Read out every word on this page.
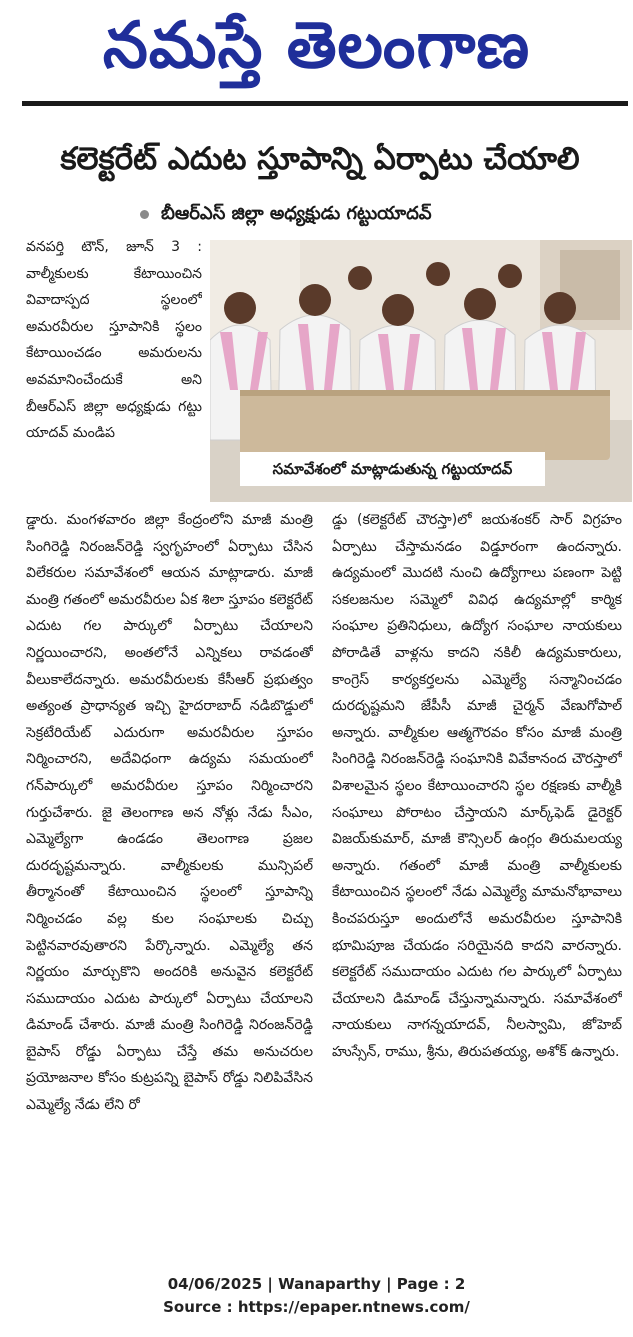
నమస్తే తెలంగాణ
కలెక్టరేట్ ఎదుట స్తూపాన్ని ఏర్పాటు చేయాలి
బీఆర్ఎస్ జిల్లా అధ్యక్షుడు గట్టుయాదవ్
వనపర్తి టౌన్, జూన్ 3 : వాల్మీకులకు కేటాయించిన వివాదాస్పద స్థలంలో అమరవీరుల స్తూపానికి స్థలం కేటాయించడం అమరులను అవమానించేందుకే అని బీఆర్ఎస్ జిల్లా అధ్యక్షుడు గట్టు యాదవ్ మండిప
సమావేశంలో మాట్లాడుతున్న గట్టుయాదవ్
డ్డారు. మంగళవారం జిల్లా కేంద్రంలోని మాజీ మంత్రి సింగిరెడ్డి నిరంజన్‌రెడ్డి స్వగృహంలో ఏర్పాటు చేసిన విలేకరుల సమావేశంలో ఆయన మాట్లాడారు. మాజీ మంత్రి గతంలో అమరవీరుల ఏక శిలా స్తూపం కలెక్టరేట్ ఎదుట గల పార్కులో ఏర్పాటు చేయాలని నిర్ణయించారని, అంతలోనే ఎన్నికలు రావడంతో వీలుకాలేదన్నారు. అమరవీరులకు కేసీఆర్ ప్రభుత్వం అత్యంత ప్రాధాన్యత ఇచ్చి హైదరాబాద్ నడిబొడ్డులో సెక్రటేరియేట్ ఎదురుగా అమరవీరుల స్తూపం నిర్మించారని, అదేవిధంగా ఉద్యమ సమయంలో గన్‌పార్కులో అమరవీరుల స్తూపం నిర్మించారని గుర్తుచేశారు. జై తెలంగాణ అన నోళ్లు నేడు సీఎం, ఎమ్మెల్యేగా ఉండడం తెలంగాణ ప్రజల దురదృష్టమన్నారు. వాల్మీకులకు మున్సిపల్ తీర్మానంతో కేటాయించిన స్థలంలో స్తూపాన్ని నిర్మించడం వల్ల కుల సంఘాలకు చిచ్చు పెట్టినవారవుతారని పేర్కొన్నారు. ఎమ్మెల్యే తన నిర్ణయం మార్చుకొని అందరికి అనువైన కలెక్టరేట్ సముదాయం ఎదుట పార్కులో ఏర్పాటు చేయాలని డిమాండ్ చేశారు. మాజీ మంత్రి సింగిరెడ్డి నిరంజన్‌రెడ్డి బైపాస్ రోడ్డు ఏర్పాటు చేస్తే తమ అనుచరుల ప్రయోజనాల కోసం కుట్రపన్ని బైపాస్ రోడ్డు నిలిపివేసిన ఎమ్మెల్యే నేడు లేని రో
డ్డు (కలెక్టరేట్ చౌరస్తా)లో జయశంకర్ సార్ విగ్రహం ఏర్పాటు చేస్తామనడం విడ్డూరంగా ఉందన్నారు. ఉద్యమంలో మొదటి నుంచి ఉద్యోగాలు పణంగా పెట్టి సకలజనుల సమ్మెలో వివిధ ఉద్యమాల్లో కార్మిక సంఘాల ప్రతినిధులు, ఉద్యోగ సంఘాల నాయకులు పోరాడితే వాళ్లను కాదని నకిలీ ఉద్యమకారులు, కాంగ్రెస్ కార్యకర్తలను ఎమ్మెల్యే సన్మానించడం దురదృష్టమని జేపీసీ మాజీ చైర్మన్ వేణుగోపాల్ అన్నారు. వాల్మీకుల ఆత్మగౌరవం కోసం మాజీ మంత్రి సింగిరెడ్డి నిరంజన్‌రెడ్డి సంఘానికి వివేకానంద చౌరస్తాలో విశాలమైన స్థలం కేటాయించారని స్థల రక్షణకు వాల్మీకి సంఘాలు పోరాటం చేస్తాయని మార్క్‌ఫెడ్ డైరెక్టర్ విజయ్‌కుమార్, మాజీ కౌన్సిలర్ ఉంగ్లం తిరుమలయ్య అన్నారు. గతంలో మాజీ మంత్రి వాల్మీకులకు కేటాయించిన స్థలంలో నేడు ఎమ్మెల్యే మామనోభావాలు కించపరుస్తూ అందులోనే అమరవీరుల స్తూపానికి భూమిపూజ చేయడం సరియైనది కాదని వారన్నారు. కలెక్టరేట్ సముదాయం ఎదుట గల పార్కులో ఏర్పాటు చేయాలని డిమాండ్ చేస్తున్నామన్నారు. సమావేశంలో నాయకులు నాగన్నయాదవ్, నీలస్వామి, జోహెబ్ హుస్సేన్, రాము, శ్రీను, తిరుపతయ్య, అశోక్ ఉన్నారు.
04/06/2025 | Wanaparthy | Page : 2
Source : https://epaper.ntnews.com/
